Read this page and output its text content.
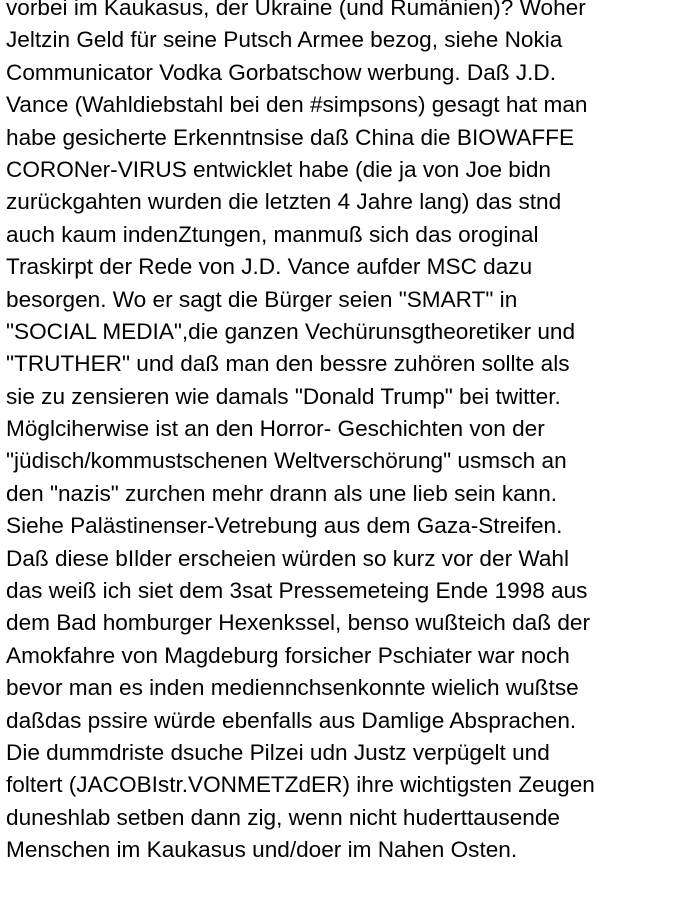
vorbei im Kaukasus, der Ukraine (und Rumänien)? Woher
Jeltzin Geld für seine Putsch Armee bezog, siehe Nokia
Communicator Vodka Gorbatschow werbung. Daß J.D.
Vance (Wahldiebstahl bei den #simpsons) gesagt hat man
habe gesicherte Erkenntnsise daß China die BIOWAFFE
CORONer-VIRUS entwicklet habe (die ja von Joe bidn
zurückgahten wurden die letzten 4 Jahre lang) das stnd
auch kaum indenZtungen, manmuß sich das oroginal
Traskirpt der Rede von J.D. Vance aufder MSC dazu
besorgen. Wo er sagt die Bürger seien "SMART" in
"SOCIAL MEDIA",die ganzen Vechürunsgtheoretiker und
"TRUTHER" und daß man den bessre zuhören sollte als
sie zu zensieren wie damals "Donald Trump" bei twitter.
Möglciherwise ist an den Horror- Geschichten von der
"jüdisch/kommustschenen Weltverschörung" usmsch an
den "nazis" zurchen mehr drann als une lieb sein kann.
Siehe Palästinenser-Vetrebung aus dem Gaza-Streifen.
Daß diese bIlder erscheien würden so kurz vor der Wahl
das weiß ich siet dem 3sat Pressemeteing Ende 1998 aus
dem Bad homburger Hexenkssel, benso wußteich daß der
Amokfahre von Magdeburg forsicher Pschiater war noch
bevor man es inden mediennchsenkonnte wielich wußtse
daßdas pssire würde ebenfalls aus Damlige Absprachen.
Die dummdriste dsuche Pilzei udn Justz verpügelt und
foltert (JACOBIstr.VONMETZdER) ihre wichtigsten Zeugen
duneshlab setben dann zig, wenn nicht huderttausende
Menschen im Kaukasus und/doer im Nahen Osten.
